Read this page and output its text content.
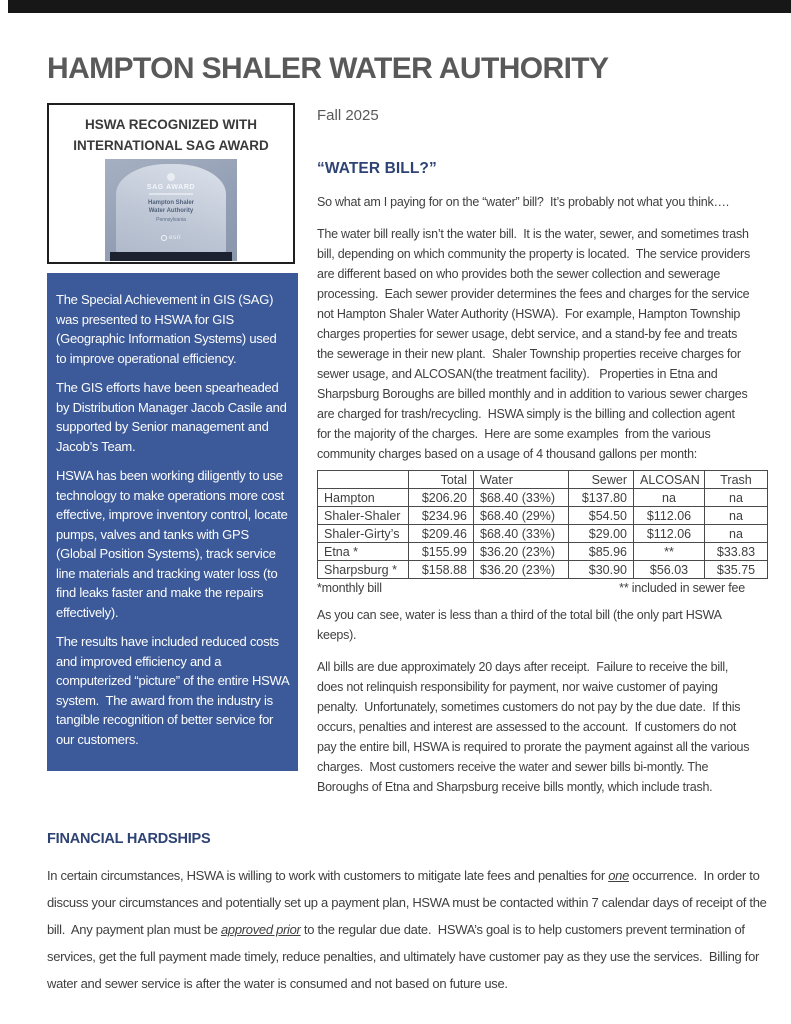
HAMPTON SHALER WATER AUTHORITY
HSWA RECOGNIZED WITH INTERNATIONAL SAG AWARD
SAG AWARD
Hampton Shaler
Water Authority
Pennsylvania
esri

The Special Achievement in GIS (SAG) was presented to HSWA for GIS (Geographic Information Systems) used to improve operational efficiency.

The GIS efforts have been spearheaded by Distribution Manager Jacob Casile and supported by Senior management and Jacob’s Team.

HSWA has been working diligently to use technology to make operations more cost effective, improve inventory control, locate pumps, valves and tanks with GPS (Global Position Systems), track service line materials and tracking water loss (to find leaks faster and make the repairs effectively).

The results have included reduced costs and improved efficiency and a computerized “picture” of the entire HSWA system.  The award from the industry is tangible recognition of better service for our customers.

Fall 2025

“WATER BILL?”

So what am I paying for on the “water” bill?  It’s probably not what you think….

The water bill really isn’t the water bill.  It is the water, sewer, and sometimes trash bill, depending on which community the property is located.  The service providers are different based on who provides both the sewer collection and sewerage processing.  Each sewer provider determines the fees and charges for the service not Hampton Shaler Water Authority (HSWA).  For example, Hampton Township charges properties for sewer usage, debt service, and a stand-by fee and treats the sewerage in their new plant.  Shaler Township properties receive charges for sewer usage, and ALCOSAN(the treatment facility).   Properties in Etna and Sharpsburg Boroughs are billed monthly and in addition to various sewer charges are charged for trash/recycling.  HSWA simply is the billing and collection agent for the majority of the charges.  Here are some examples  from the various community charges based on a usage of 4 thousand gallons per month:

	Total	Water	Sewer	ALCOSAN	Trash
Hampton	$206.20	$68.40 (33%)	$137.80	na	na
Shaler-Shaler	$234.96	$68.40 (29%)	$54.50	$112.06	na
Shaler-Girty’s	$209.46	$68.40 (33%)	$29.00	$112.06	na
Etna *	$155.99	$36.20 (23%)	$85.96	**	$33.83
Sharpsburg *	$158.88	$36.20 (23%)	$30.90	$56.03	$35.75
*monthly bill	** included in sewer fee

As you can see, water is less than a third of the total bill (the only part HSWA keeps).

All bills are due approximately 20 days after receipt.  Failure to receive the bill, does not relinquish responsibility for payment, nor waive customer of paying penalty.  Unfortunately, sometimes customers do not pay by the due date.  If this occurs, penalties and interest are assessed to the account.  If customers do not pay the entire bill, HSWA is required to prorate the payment against all the various charges.  Most customers receive the water and sewer bills bi-montly. The Boroughs of Etna and Sharpsburg receive bills montly, which include trash.

FINANCIAL HARDSHIPS

In certain circumstances, HSWA is willing to work with customers to mitigate late fees and penalties for one occurrence.  In order to discuss your circumstances and potentially set up a payment plan, HSWA must be contacted within 7 calendar days of receipt of the bill.  Any payment plan must be approved prior to the regular due date.  HSWA’s goal is to help customers prevent termination of services, get the full payment made timely, reduce penalties, and ultimately have customer pay as they use the services.  Billing for water and sewer service is after the water is consumed and not based on future use.
